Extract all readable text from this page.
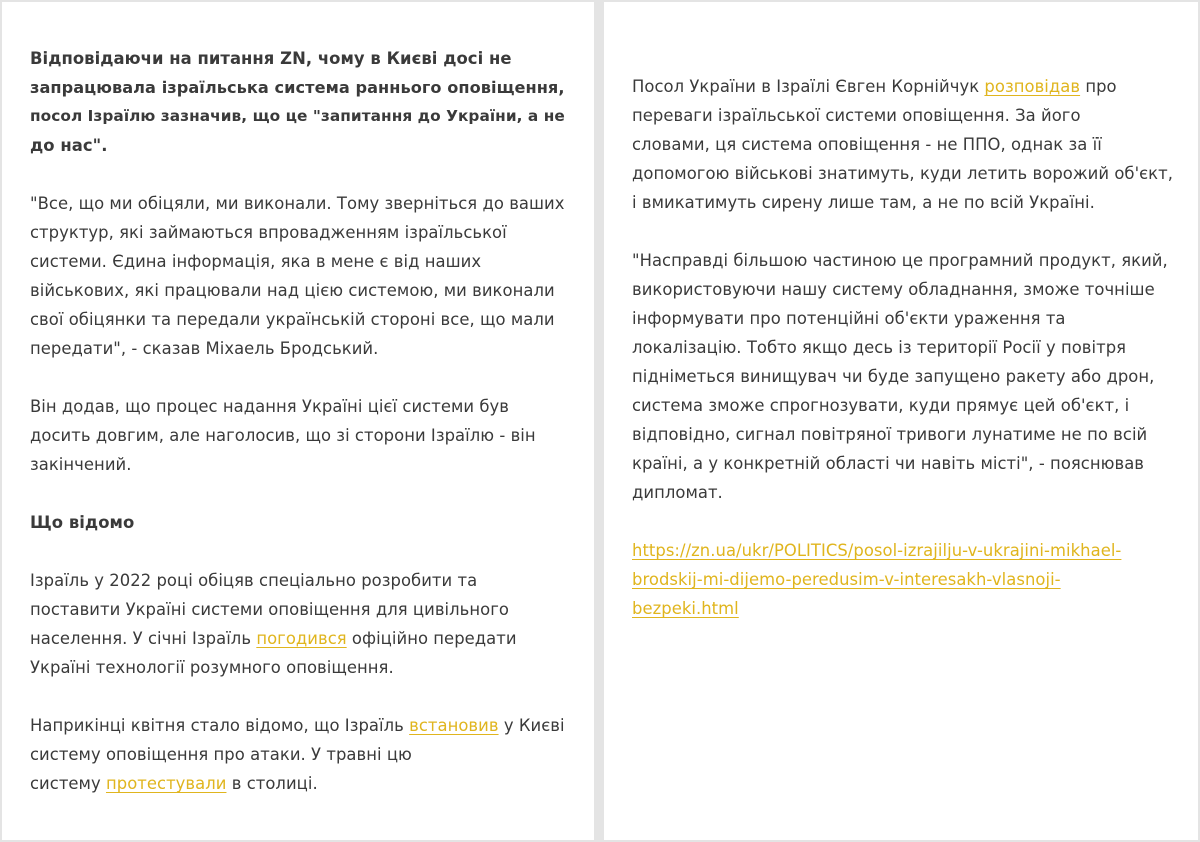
Відповідаючи на питання ZN, чому в Києві досі не
запрацювала ізраїльська система раннього оповіщення,
посол Ізраїлю зазначив, що це "запитання до України, а не
до нас".

"Все, що ми обіцяли, ми виконали. Тому зверніться до ваших
структур, які займаються впровадженням ізраїльської
системи. Єдина інформація, яка в мене є від наших
військових, які працювали над цією системою, ми виконали
свої обіцянки та передали українській стороні все, що мали
передати", - сказав Міхаель Бродський.

Він додав, що процес надання Україні цієї системи був
досить довгим, але наголосив, що зі сторони Ізраїлю - він
закінчений.

Що відомо

Ізраїль у 2022 році обіцяв спеціально розробити та
поставити Україні системи оповіщення для цивільного
населення. У січні Ізраїль погодився офіційно передати
Україні технології розумного оповіщення.

Наприкінці квітня стало відомо, що Ізраїль встановив у Києві
систему оповіщення про атаки. У травні цю
систему протестували в столиці.

Посол України в Ізраїлі Євген Корнійчук розповідав про
переваги ізраїльської системи оповіщення. За його
словами, ця система оповіщення - не ППО, однак за її
допомогою військові знатимуть, куди летить ворожий об'єкт,
і вмикатимуть сирену лише там, а не по всій Україні.

"Насправді більшою частиною це програмний продукт, який,
використовуючи нашу систему обладнання, зможе точніше
інформувати про потенційні об'єкти ураження та
локалізацію. Тобто якщо десь із території Росії у повітря
підніметься винищувач чи буде запущено ракету або дрон,
система зможе спрогнозувати, куди прямує цей об'єкт, і
відповідно, сигнал повітряної тривоги лунатиме не по всій
країні, а у конкретній області чи навіть місті", - пояснював
дипломат.

https://zn.ua/ukr/POLITICS/posol-izrajilju-v-ukrajini-mikhael-
brodskij-mi-dijemo-peredusim-v-interesakh-vlasnoji-
bezpeki.html
